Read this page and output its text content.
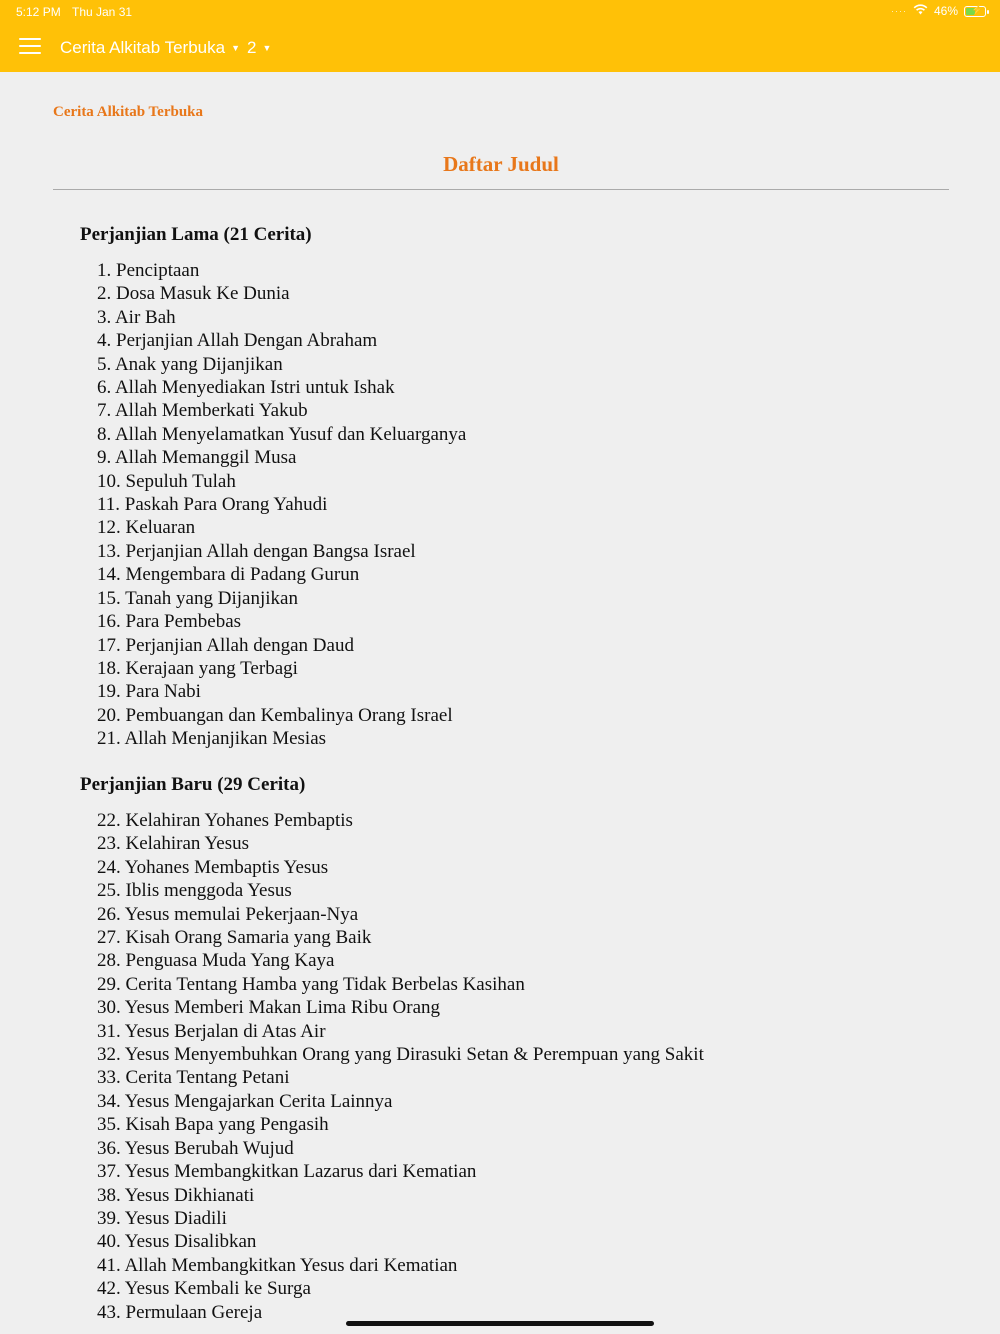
5:12 PM Thu Jan 31	···· 46% ⚡
Cerita Alkitab Terbuka ▼ 2 ▼
Cerita Alkitab Terbuka
Daftar Judul
Perjanjian Lama (21 Cerita)
1. Penciptaan
2. Dosa Masuk Ke Dunia
3. Air Bah
4. Perjanjian Allah Dengan Abraham
5. Anak yang Dijanjikan
6. Allah Menyediakan Istri untuk Ishak
7. Allah Memberkati Yakub
8. Allah Menyelamatkan Yusuf dan Keluarganya
9. Allah Memanggil Musa
10. Sepuluh Tulah
11. Paskah Para Orang Yahudi
12. Keluaran
13. Perjanjian Allah dengan Bangsa Israel
14. Mengembara di Padang Gurun
15. Tanah yang Dijanjikan
16. Para Pembebas
17. Perjanjian Allah dengan Daud
18. Kerajaan yang Terbagi
19. Para Nabi
20. Pembuangan dan Kembalinya Orang Israel
21. Allah Menjanjikan Mesias
Perjanjian Baru (29 Cerita)
22. Kelahiran Yohanes Pembaptis
23. Kelahiran Yesus
24. Yohanes Membaptis Yesus
25. Iblis menggoda Yesus
26. Yesus memulai Pekerjaan-Nya
27. Kisah Orang Samaria yang Baik
28. Penguasa Muda Yang Kaya
29. Cerita Tentang Hamba yang Tidak Berbelas Kasihan
30. Yesus Memberi Makan Lima Ribu Orang
31. Yesus Berjalan di Atas Air
32. Yesus Menyembuhkan Orang yang Dirasuki Setan & Perempuan yang Sakit
33. Cerita Tentang Petani
34. Yesus Mengajarkan Cerita Lainnya
35. Kisah Bapa yang Pengasih
36. Yesus Berubah Wujud
37. Yesus Membangkitkan Lazarus dari Kematian
38. Yesus Dikhianati
39. Yesus Diadili
40. Yesus Disalibkan
41. Allah Membangkitkan Yesus dari Kematian
42. Yesus Kembali ke Surga
43. Permulaan Gereja
